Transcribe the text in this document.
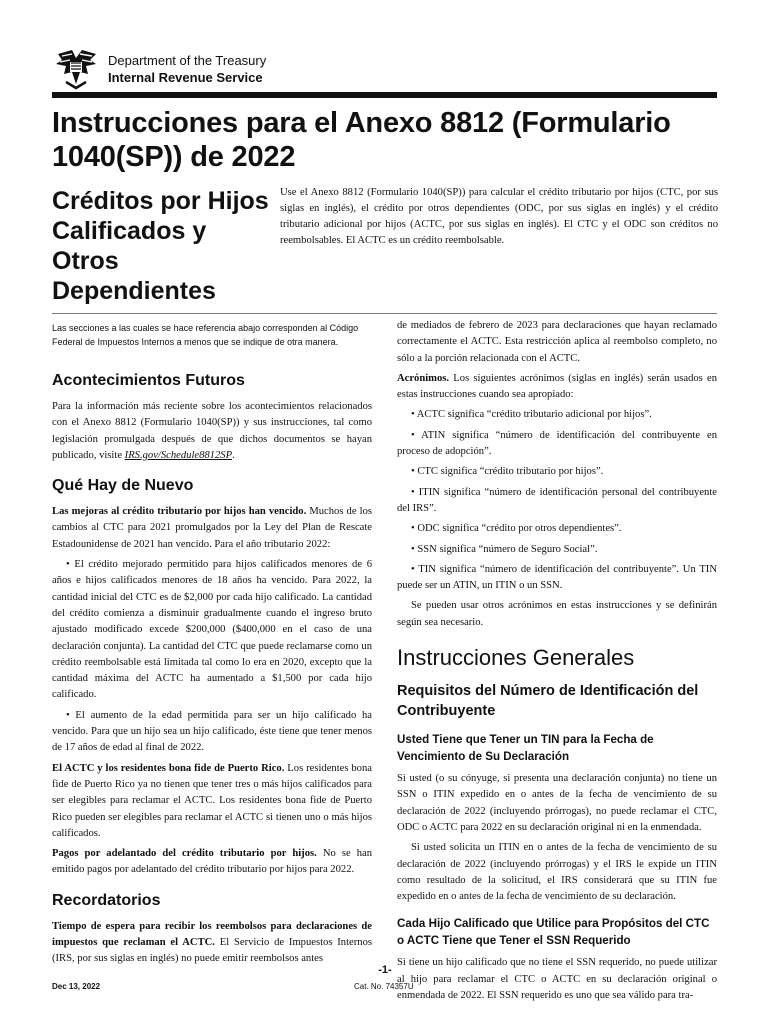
Department of the Treasury
Internal Revenue Service
Instrucciones para el Anexo 8812 (Formulario 1040(SP)) de 2022
Créditos por Hijos Calificados y Otros Dependientes
Use el Anexo 8812 (Formulario 1040(SP)) para calcular el crédito tributario por hijos (CTC, por sus siglas en inglés), el crédito por otros dependientes (ODC, por sus siglas en inglés) y el crédito tributario adicional por hijos (ACTC, por sus siglas en inglés). El CTC y el ODC son créditos no reembolsables. El ACTC es un crédito reembolsable.

Las secciones a las cuales se hace referencia abajo corresponden al Código Federal de Impuestos Internos a menos que se indique de otra manera.

Acontecimientos Futuros

Para la información más reciente sobre los acontecimientos relacionados con el Anexo 8812 (Formulario 1040(SP)) y sus instrucciones, tal como legislación promulgada después de que dichos documentos se hayan publicado, visite IRS.gov/Schedule8812SP.

Qué Hay de Nuevo

Las mejoras al crédito tributario por hijos han vencido. Muchos de los cambios al CTC para 2021 promulgados por la Ley del Plan de Rescate Estadounidense de 2021 han vencido. Para el año tributario 2022:

• El crédito mejorado permitido para hijos calificados menores de 6 años e hijos calificados menores de 18 años ha vencido. Para 2022, la cantidad inicial del CTC es de $2,000 por cada hijo calificado. La cantidad del crédito comienza a disminuir gradualmente cuando el ingreso bruto ajustado modificado excede $200,000 ($400,000 en el caso de una declaración conjunta). La cantidad del CTC que puede reclamarse como un crédito reembolsable está limitada tal como lo era en 2020, excepto que la cantidad máxima del ACTC ha aumentado a $1,500 por cada hijo calificado.

• El aumento de la edad permitida para ser un hijo calificado ha vencido. Para que un hijo sea un hijo calificado, éste tiene que tener menos de 17 años de edad al final de 2022.

El ACTC y los residentes bona fide de Puerto Rico. Los residentes bona fide de Puerto Rico ya no tienen que tener tres o más hijos calificados para ser elegibles para reclamar el ACTC. Los residentes bona fide de Puerto Rico pueden ser elegibles para reclamar el ACTC si tienen uno o más hijos calificados.

Pagos por adelantado del crédito tributario por hijos. No se han emitido pagos por adelantado del crédito tributario por hijos para 2022.

Recordatorios

Tiempo de espera para recibir los reembolsos para declaraciones de impuestos que reclaman el ACTC. El Servicio de Impuestos Internos (IRS, por sus siglas en inglés) no puede emitir reembolsos antes

de mediados de febrero de 2023 para declaraciones que hayan reclamado correctamente el ACTC. Esta restricción aplica al reembolso completo, no sólo a la porción relacionada con el ACTC.

Acrónimos. Los siguientes acrónimos (siglas en inglés) serán usados en estas instrucciones cuando sea apropiado:

• ACTC significa “crédito tributario adicional por hijos”.

• ATIN significa “número de identificación del contribuyente en proceso de adopción”.

• CTC significa “crédito tributario por hijos”.

• ITIN significa “número de identificación personal del contribuyente del IRS”.

• ODC significa “crédito por otros dependientes”.

• SSN significa “número de Seguro Social”.

• TIN significa “número de identificación del contribuyente”. Un TIN puede ser un ATIN, un ITIN o un SSN.

Se pueden usar otros acrónimos en estas instrucciones y se definirán según sea necesario.

Instrucciones Generales
Requisitos del Número de Identificación del Contribuyente
Usted Tiene que Tener un TIN para la Fecha de Vencimiento de Su Declaración

Si usted (o su cónyuge, si presenta una declaración conjunta) no tiene un SSN o ITIN expedido en o antes de la fecha de vencimiento de su declaración de 2022 (incluyendo prórrogas), no puede reclamar el CTC, ODC o ACTC para 2022 en su declaración original ni en la enmendada.

Si usted solicita un ITIN en o antes de la fecha de vencimiento de su declaración de 2022 (incluyendo prórrogas) y el IRS le expide un ITIN como resultado de la solicitud, el IRS considerará que su ITIN fue expedido en o antes de la fecha de vencimiento de su declaración.

Cada Hijo Calificado que Utilice para Propósitos del CTC o ACTC Tiene que Tener el SSN Requerido

Si tiene un hijo calificado que no tiene el SSN requerido, no puede utilizar al hijo para reclamar el CTC o ACTC en su declaración original o enmendada de 2022. El SSN requerido es uno que sea válido para tra-

-1-
Dec 13, 2022	Cat. No. 74357U
